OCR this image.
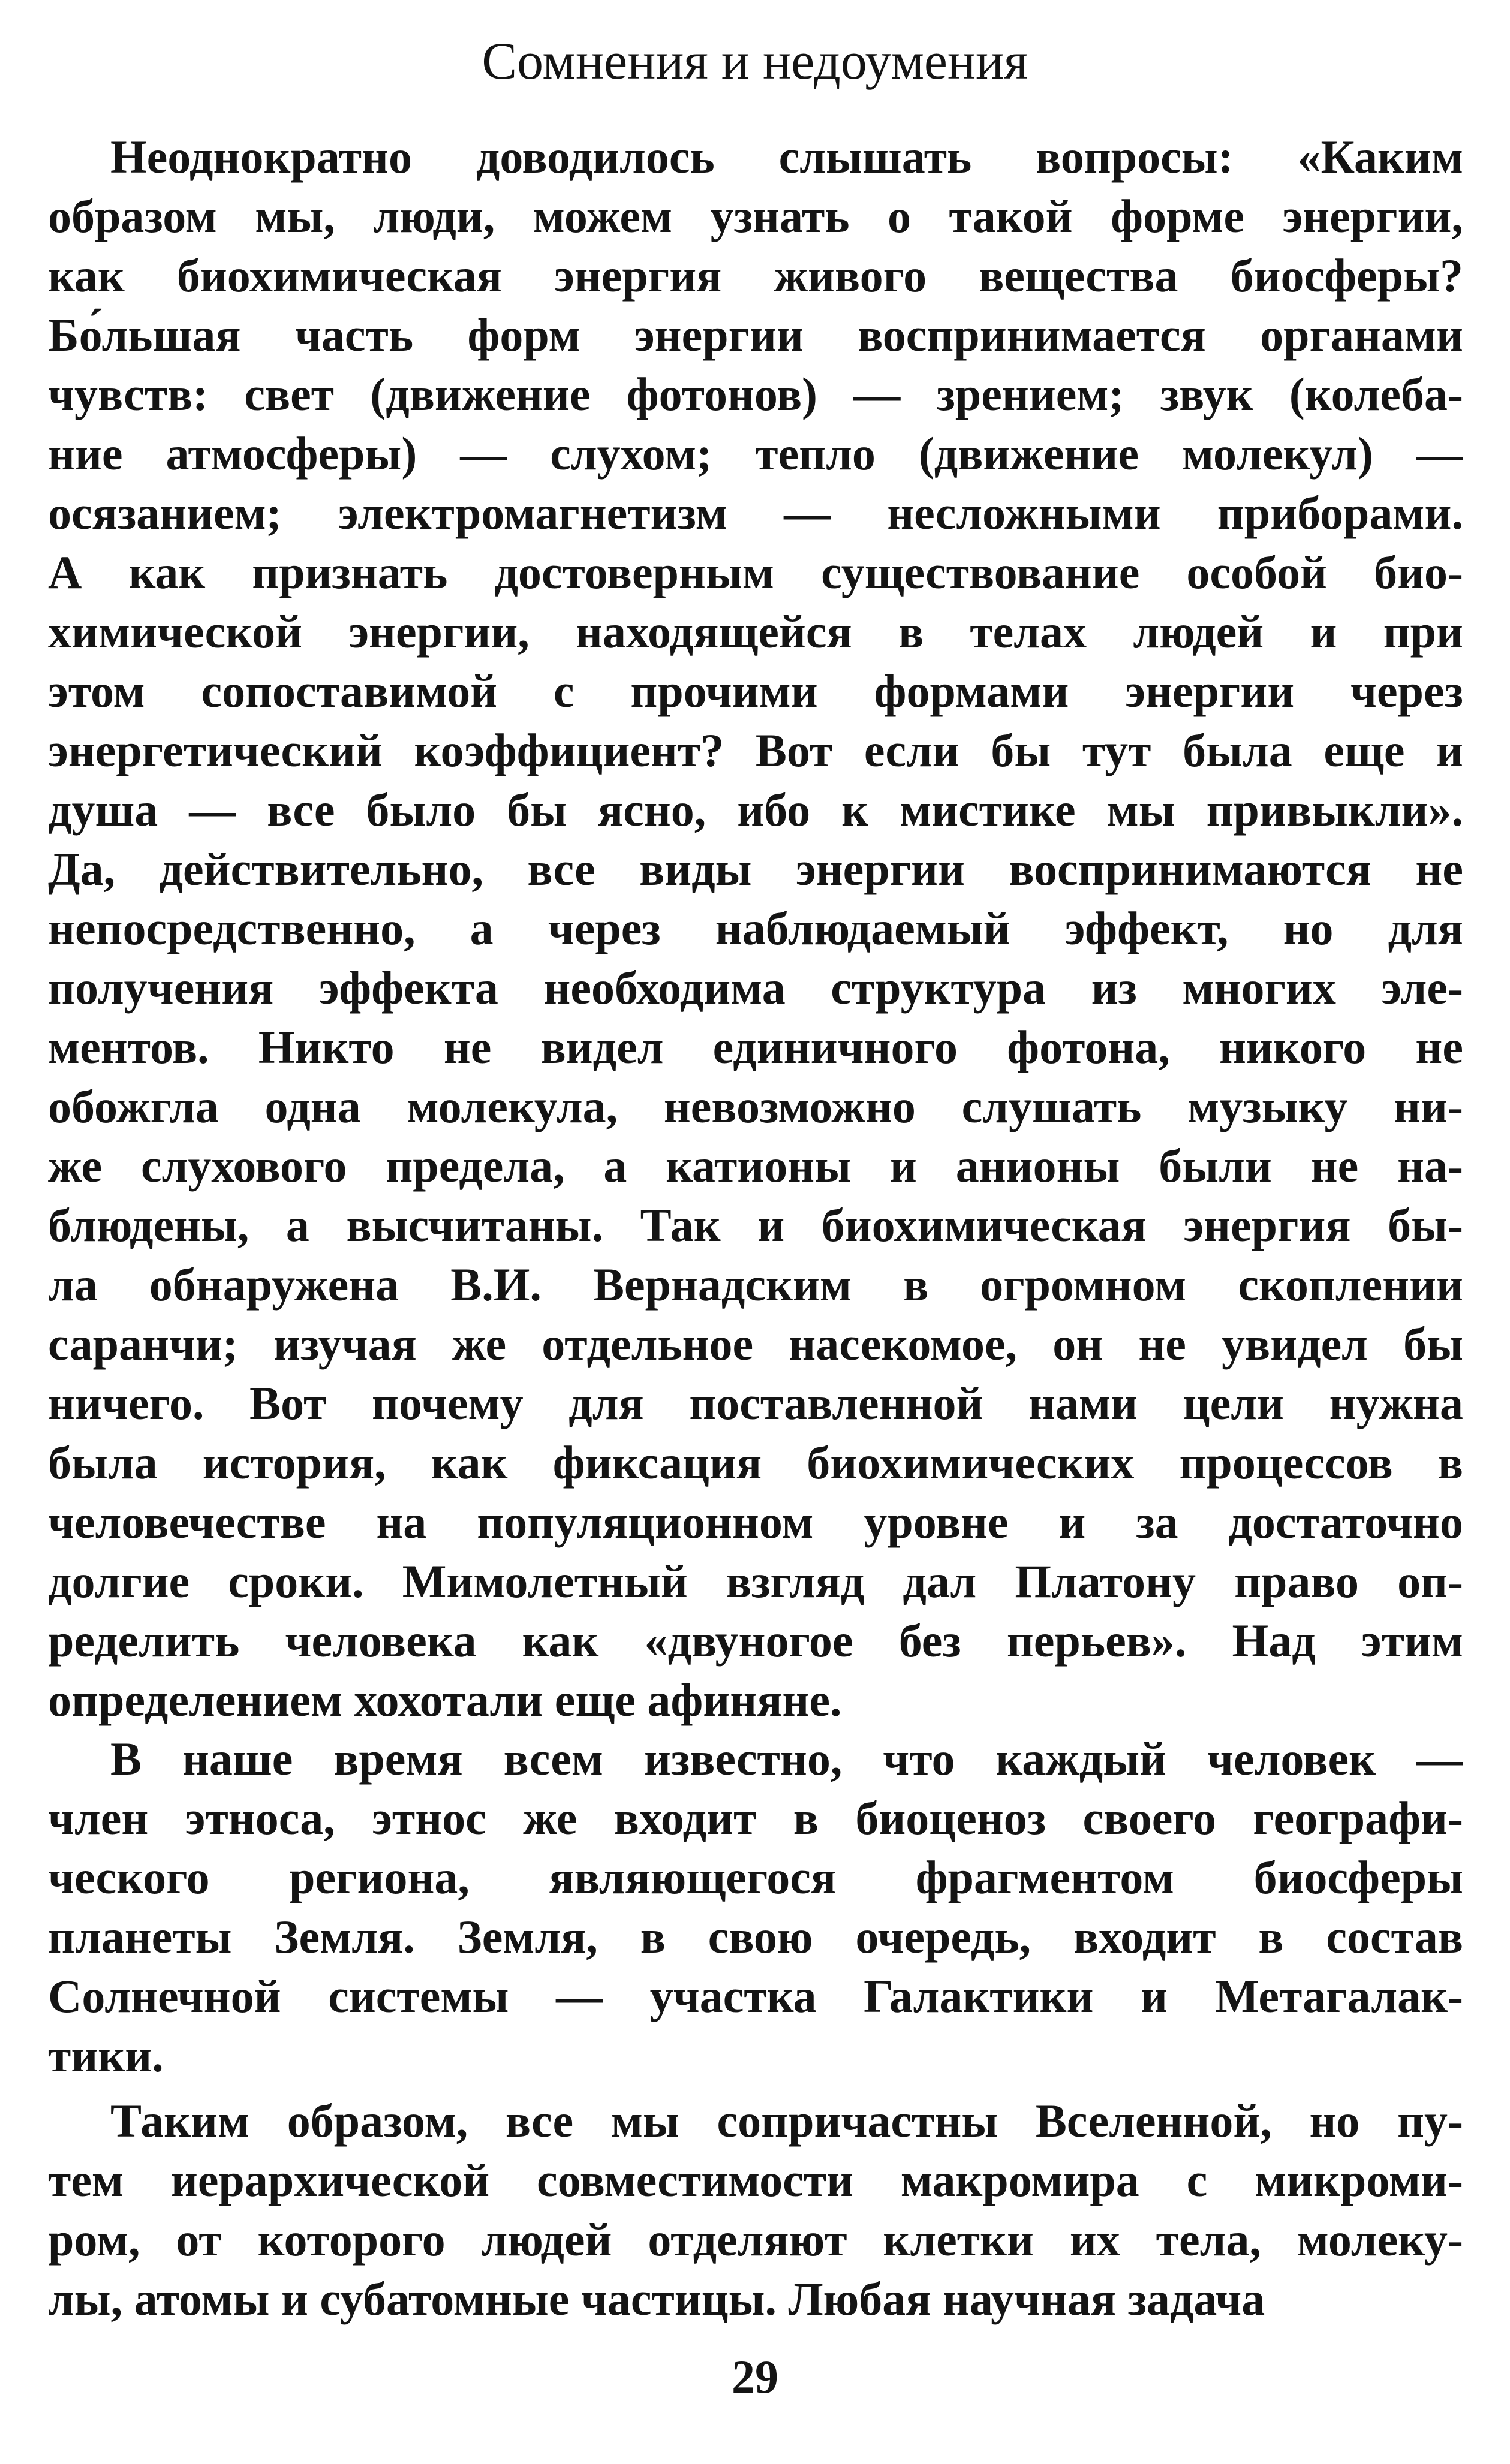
Сомнения и недоумения
Неоднократно доводилось слышать вопросы: «Каким
образом мы, люди, можем узнать о такой форме энергии,
как биохимическая энергия живого вещества биосферы?
Бо́льшая часть форм энергии воспринимается органами
чувств: свет (движение фотонов) — зрением; звук (колеба-
ние атмосферы) — слухом; тепло (движение молекул) —
осязанием; электромагнетизм — несложными приборами.
А как признать достоверным существование особой био-
химической энергии, находящейся в телах людей и при
этом сопоставимой с прочими формами энергии через
энергетический коэффициент? Вот если бы тут была еще и
душа — все было бы ясно, ибо к мистике мы привыкли».
Да, действительно, все виды энергии воспринимаются не
непосредственно, а через наблюдаемый эффект, но для
получения эффекта необходима структура из многих эле-
ментов. Никто не видел единичного фотона, никого не
обожгла одна молекула, невозможно слушать музыку ни-
же слухового предела, а катионы и анионы были не на-
блюдены, а высчитаны. Так и биохимическая энергия бы-
ла обнаружена В.И. Вернадским в огромном скоплении
саранчи; изучая же отдельное насекомое, он не увидел бы
ничего. Вот почему для поставленной нами цели нужна
была история, как фиксация биохимических процессов в
человечестве на популяционном уровне и за достаточно
долгие сроки. Мимолетный взгляд дал Платону право оп-
ределить человека как «двуногое без перьев». Над этим
определением хохотали еще афиняне.
В наше время всем известно, что каждый человек —
член этноса, этнос же входит в биоценоз своего географи-
ческого региона, являющегося фрагментом биосферы
планеты Земля. Земля, в свою очередь, входит в состав
Солнечной системы — участка Галактики и Метагалак-
тики.
Таким образом, все мы сопричастны Вселенной, но пу-
тем иерархической совместимости макромира с микроми-
ром, от которого людей отделяют клетки их тела, молеку-
лы, атомы и субатомные частицы. Любая научная задача
29
